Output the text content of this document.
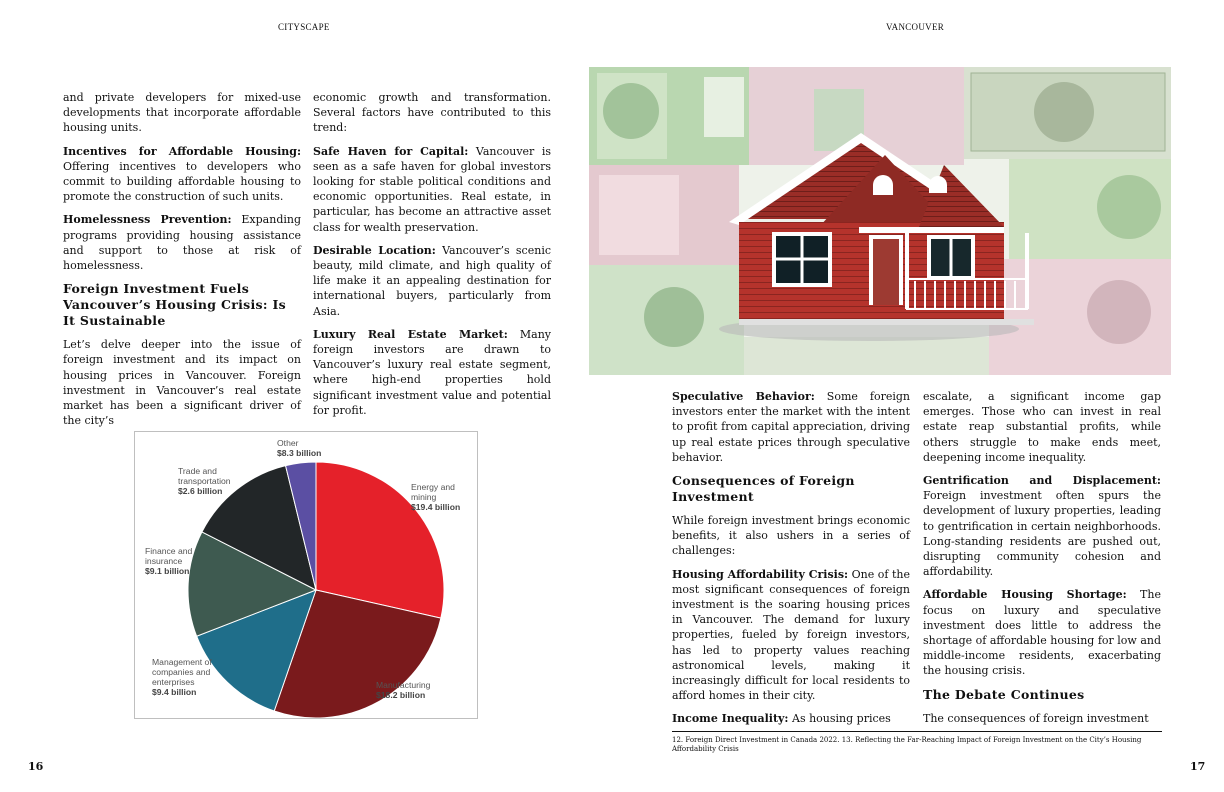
CITYSCAPE	VANCOUVER

and private developers for mixed-use developments that incorporate affordable housing units.

Incentives for Affordable Housing: Offering incentives to developers who commit to building affordable housing to promote the construction of such units.

Homelessness Prevention: Expanding programs providing housing assistance and support to those at risk of homelessness.

Foreign Investment Fuels Vancouver’s Housing Crisis: Is It Sustainable

Let’s delve deeper into the issue of foreign investment and its impact on housing prices in Vancouver. Foreign investment in Vancouver’s real estate market has been a significant driver of the city’s

economic growth and transformation. Several factors have contributed to this trend:

Safe Haven for Capital: Vancouver is seen as a safe haven for global investors looking for stable political conditions and economic opportunities. Real estate, in particular, has become an attractive asset class for wealth preservation.

Desirable Location: Vancouver’s scenic beauty, mild climate, and high quality of life make it an appealing destination for international buyers, particularly from Asia.

Luxury Real Estate Market: Many foreign investors are drawn to Vancouver’s luxury real estate segment, where high-end properties hold significant investment value and potential for profit.

Energy and
mining
$19.4 billion
Manufacturing
$18.2 billion
Management of
companies and
enterprises
$9.4 billion
Finance and
insurance
$9.1 billion
Trade and
transportation
$2.6 billion
Other
$8.3 billion

Speculative Behavior: Some foreign investors enter the market with the intent to profit from capital appreciation, driving up real estate prices through speculative behavior.

Consequences of Foreign Investment

While foreign investment brings economic benefits, it also ushers in a series of challenges:

Housing Affordability Crisis: One of the most significant consequences of foreign investment is the soaring housing prices in Vancouver. The demand for luxury properties, fueled by foreign investors, has led to property values reaching astronomical levels, making it increasingly difficult for local residents to afford homes in their city.

Income Inequality: As housing prices

escalate, a significant income gap emerges. Those who can invest in real estate reap substantial profits, while others struggle to make ends meet, deepening income inequality.

Gentrification and Displacement: Foreign investment often spurs the development of luxury properties, leading to gentrification in certain neighborhoods. Long-standing residents are pushed out, disrupting community cohesion and affordability.

Affordable Housing Shortage: The focus on luxury and speculative investment does little to address the shortage of affordable housing for low and middle-income residents, exacerbating the housing crisis.

The Debate Continues

The consequences of foreign investment

12. Foreign Direct Investment in Canada 2022. 13. Reflecting the Far-Reaching Impact of Foreign Investment on the City’s Housing Affordability Crisis
16	17
